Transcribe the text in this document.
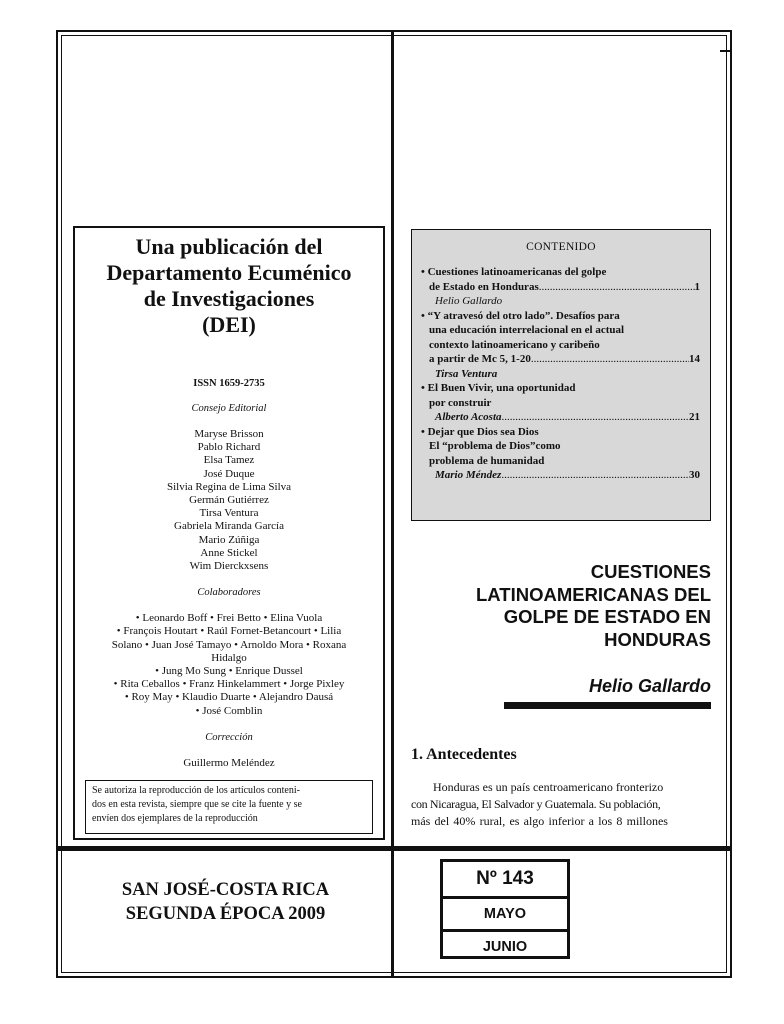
Una publicación del
Departamento Ecuménico
de Investigaciones
(DEI)
ISSN 1659-2735
Consejo Editorial
Maryse Brisson
Pablo Richard
Elsa Tamez
José Duque
Silvia Regina de Lima Silva
Germán Gutiérrez
Tirsa Ventura
Gabriela Miranda García
Mario Zúñiga
Anne Stickel
Wim Dierckxsens
Colaboradores
• Leonardo Boff • Frei Betto • Elina Vuola
• François Houtart • Raúl Fornet-Betancourt • Lilia
Solano • Juan José Tamayo • Arnoldo Mora • Roxana
Hidalgo
• Jung Mo Sung • Enrique Dussel
• Rita Ceballos • Franz Hinkelammert • Jorge Pixley
• Roy May • Klaudio Duarte • Alejandro Dausá
• José Comblin
Corrección
Guillermo Meléndez
Se autoriza la reproducción de los artículos conteni-
dos en esta revista, siempre que se cite la fuente y se
envíen dos ejemplares de la reproducción
CONTENIDO
• Cuestiones latinoamericanas del golpe
de Estado en Honduras .....	1
Helio Gallardo
• “Y atravesó del otro lado”. Desafíos para
una educación interrelacional en el actual
contexto latinoamericano y caribeño
a partir de Mc 5, 1-20 .....	14
Tirsa Ventura
• El Buen Vivir, una oportunidad
por construir
Alberto Acosta .....	21
• Dejar que Dios sea Dios
El “problema de Dios”como
problema de humanidad
Mario Méndez .....	30
CUESTIONES
LATINOAMERICANAS DEL
GOLPE DE ESTADO EN
HONDURAS
Helio Gallardo
1. Antecedentes
Honduras es un país centroamericano fronterizo
con Nicaragua, El Salvador y Guatemala. Su población,
más del 40% rural, es algo inferior a los 8 millones
SAN JOSÉ-COSTA RICA
SEGUNDA ÉPOCA 2009
Nº 143
MAYO
JUNIO
